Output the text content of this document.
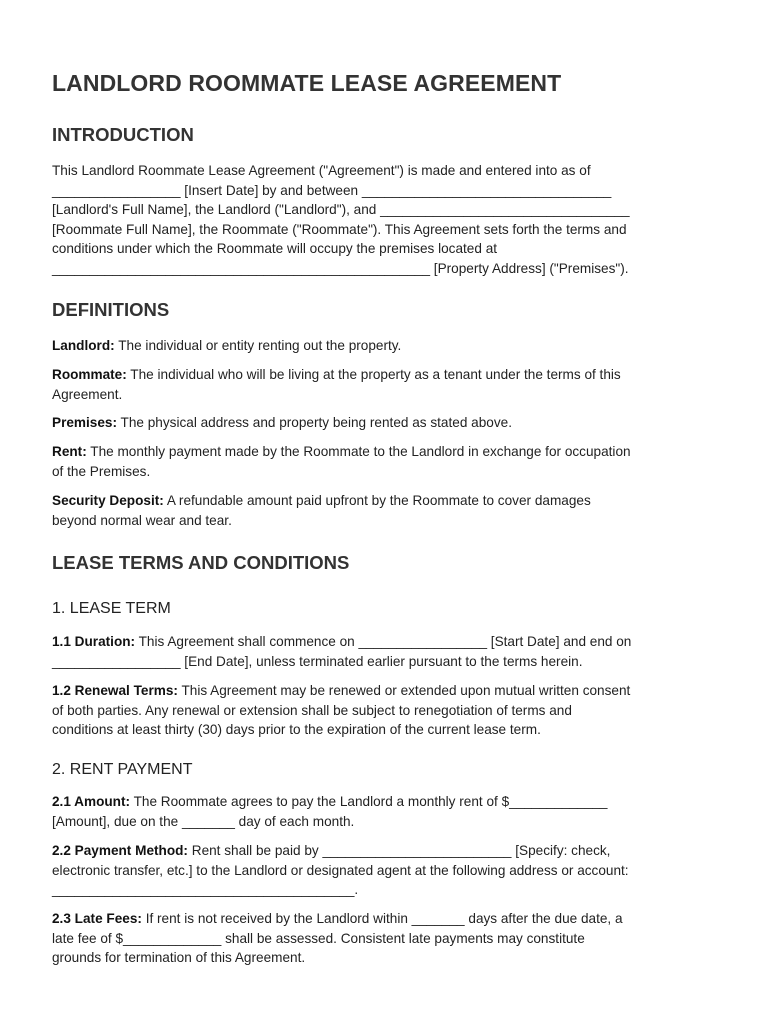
LANDLORD ROOMMATE LEASE AGREEMENT
INTRODUCTION

This Landlord Roommate Lease Agreement ("Agreement") is made and entered into as of
_________________ [Insert Date] by and between _________________________________
[Landlord's Full Name], the Landlord ("Landlord"), and _________________________________
[Roommate Full Name], the Roommate ("Roommate"). This Agreement sets forth the terms and
conditions under which the Roommate will occupy the premises located at
__________________________________________________ [Property Address] ("Premises").

DEFINITIONS

Landlord: The individual or entity renting out the property.

Roommate: The individual who will be living at the property as a tenant under the terms of this
Agreement.

Premises: The physical address and property being rented as stated above.

Rent: The monthly payment made by the Roommate to the Landlord in exchange for occupation
of the Premises.

Security Deposit: A refundable amount paid upfront by the Roommate to cover damages
beyond normal wear and tear.

LEASE TERMS AND CONDITIONS
1. LEASE TERM

1.1 Duration: This Agreement shall commence on _________________ [Start Date] and end on
_________________ [End Date], unless terminated earlier pursuant to the terms herein.

1.2 Renewal Terms: This Agreement may be renewed or extended upon mutual written consent
of both parties. Any renewal or extension shall be subject to renegotiation of terms and
conditions at least thirty (30) days prior to the expiration of the current lease term.

2. RENT PAYMENT

2.1 Amount: The Roommate agrees to pay the Landlord a monthly rent of $_____________
[Amount], due on the _______ day of each month.

2.2 Payment Method: Rent shall be paid by _________________________ [Specify: check,
electronic transfer, etc.] to the Landlord or designated agent at the following address or account:
________________________________________.

2.3 Late Fees: If rent is not received by the Landlord within _______ days after the due date, a
late fee of $_____________ shall be assessed. Consistent late payments may constitute
grounds for termination of this Agreement.
